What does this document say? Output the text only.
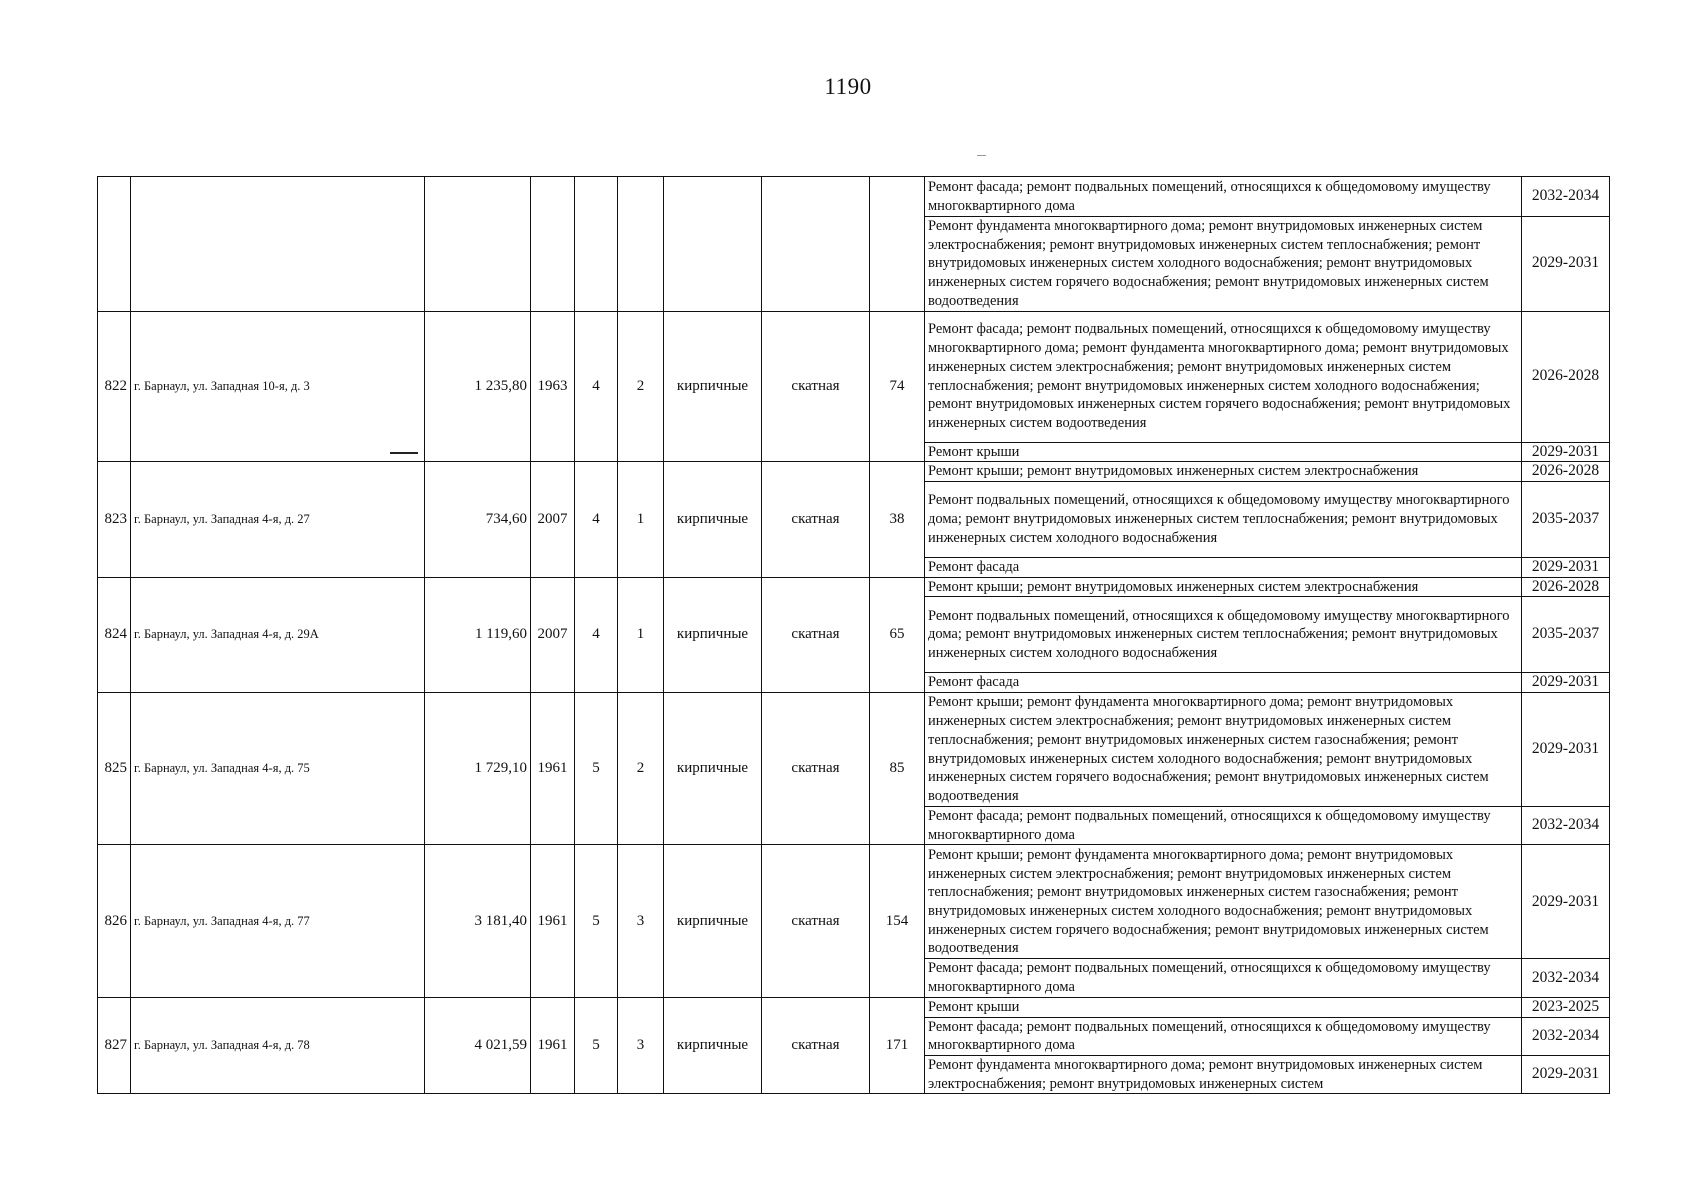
1190
									Ремонт фасада; ремонт подвальных помещений, относящихся к общедомовому имуществу многоквартирного дома	2032-2034
									Ремонт фундамента многоквартирного дома; ремонт внутридомовых инженерных систем электроснабжения; ремонт внутридомовых инженерных систем теплоснабжения; ремонт внутридомовых инженерных систем холодного водоснабжения; ремонт внутридомовых инженерных систем горячего водоснабжения; ремонт внутридомовых инженерных систем водоотведения	2029-2031
822	г. Барнаул, ул. Западная 10-я, д. 3	1 235,80	1963	4	2	кирпичные	скатная	74	Ремонт фасада; ремонт подвальных помещений, относящихся к общедомовому имуществу многоквартирного дома; ремонт фундамента многоквартирного дома; ремонт внутридомовых инженерных систем электроснабжения; ремонт внутридомовых инженерных систем теплоснабжения; ремонт внутридомовых инженерных систем холодного водоснабжения; ремонт внутридомовых инженерных систем горячего водоснабжения; ремонт внутридомовых инженерных систем водоотведения	2026-2028
									Ремонт крыши	2029-2031
823	г. Барнаул, ул. Западная 4-я, д. 27	734,60	2007	4	1	кирпичные	скатная	38	Ремонт крыши; ремонт внутридомовых инженерных систем электроснабжения	2026-2028
									Ремонт подвальных помещений, относящихся к общедомовому имуществу многоквартирного дома; ремонт внутридомовых инженерных систем теплоснабжения; ремонт внутридомовых инженерных систем холодного водоснабжения	2035-2037
									Ремонт фасада	2029-2031
824	г. Барнаул, ул. Западная 4-я, д. 29А	1 119,60	2007	4	1	кирпичные	скатная	65	Ремонт крыши; ремонт внутридомовых инженерных систем электроснабжения	2026-2028
									Ремонт подвальных помещений, относящихся к общедомовому имуществу многоквартирного дома; ремонт внутридомовых инженерных систем теплоснабжения; ремонт внутридомовых инженерных систем холодного водоснабжения	2035-2037
									Ремонт фасада	2029-2031
825	г. Барнаул, ул. Западная 4-я, д. 75	1 729,10	1961	5	2	кирпичные	скатная	85	Ремонт крыши; ремонт фундамента многоквартирного дома; ремонт внутридомовых инженерных систем электроснабжения; ремонт внутридомовых инженерных систем теплоснабжения; ремонт внутридомовых инженерных систем газоснабжения; ремонт внутридомовых инженерных систем холодного водоснабжения; ремонт внутридомовых инженерных систем горячего водоснабжения; ремонт внутридомовых инженерных систем водоотведения	2029-2031
									Ремонт фасада; ремонт подвальных помещений, относящихся к общедомовому имуществу многоквартирного дома	2032-2034
826	г. Барнаул, ул. Западная 4-я, д. 77	3 181,40	1961	5	3	кирпичные	скатная	154	Ремонт крыши; ремонт фундамента многоквартирного дома; ремонт внутридомовых инженерных систем электроснабжения; ремонт внутридомовых инженерных систем теплоснабжения; ремонт внутридомовых инженерных систем газоснабжения; ремонт внутридомовых инженерных систем холодного водоснабжения; ремонт внутридомовых инженерных систем горячего водоснабжения; ремонт внутридомовых инженерных систем водоотведения	2029-2031
									Ремонт фасада; ремонт подвальных помещений, относящихся к общедомовому имуществу многоквартирного дома	2032-2034
827	г. Барнаул, ул. Западная 4-я, д. 78	4 021,59	1961	5	3	кирпичные	скатная	171	Ремонт крыши	2023-2025
									Ремонт фасада; ремонт подвальных помещений, относящихся к общедомовому имуществу многоквартирного дома	2032-2034
									Ремонт фундамента многоквартирного дома; ремонт внутридомовых инженерных систем электроснабжения; ремонт внутридомовых инженерных систем	2029-2031
